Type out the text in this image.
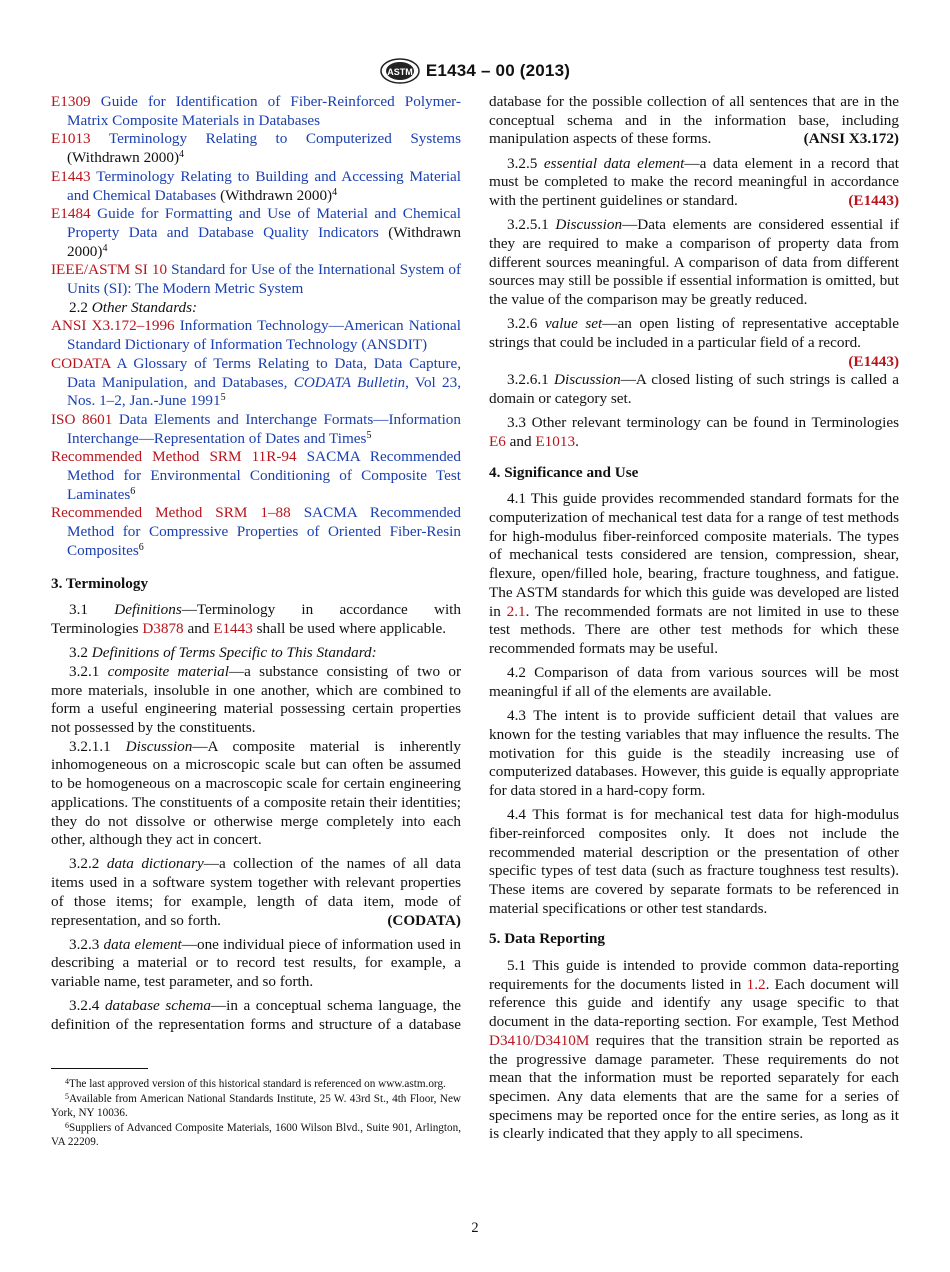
ASTM E1434 – 00 (2013)

E1309 Guide for Identification of Fiber-Reinforced Polymer-Matrix Composite Materials in Databases

E1013 Terminology Relating to Computerized Systems (Withdrawn 2000)$^4$

E1443 Terminology Relating to Building and Accessing Material and Chemical Databases (Withdrawn 2000)$^4$

E1484 Guide for Formatting and Use of Material and Chemical Property Data and Database Quality Indicators (Withdrawn 2000)$^4$

IEEE/ASTM SI 10 Standard for Use of the International System of Units (SI): The Modern Metric System

2.2 Other Standards:

ANSI X3.172–1996 Information Technology—American National Standard Dictionary of Information Technology (ANSDIT)

CODATA A Glossary of Terms Relating to Data, Data Capture, Data Manipulation, and Databases, CODATA Bulletin, Vol 23, Nos. 1–2, Jan.-June 1991$^5$

ISO 8601 Data Elements and Interchange Formats—Information Interchange—Representation of Dates and Times$^5$

Recommended Method SRM 11R-94 SACMA Recommended Method for Environmental Conditioning of Composite Test Laminates$^6$

Recommended Method SRM 1–88 SACMA Recommended Method for Compressive Properties of Oriented Fiber-Resin Composites$^6$

3. Terminology

3.1 Definitions—Terminology in accordance with Terminologies D3878 and E1443 shall be used where applicable.

3.2 Definitions of Terms Specific to This Standard:

3.2.1 composite material—a substance consisting of two or more materials, insoluble in one another, which are combined to form a useful engineering material possessing certain properties not possessed by the constituents.

3.2.1.1 Discussion—A composite material is inherently inhomogeneous on a microscopic scale but can often be assumed to be homogeneous on a macroscopic scale for certain engineering applications. The constituents of a composite retain their identities; they do not dissolve or otherwise merge completely into each other, although they act in concert.

3.2.2 data dictionary—a collection of the names of all data items used in a software system together with relevant properties of those items; for example, length of data item, mode of representation, and so forth.	(CODATA)

3.2.3 data element—one individual piece of information used in describing a material or to record test results, for example, a variable name, test parameter, and so forth.

3.2.4 database schema—in a conceptual schema language, the definition of the representation forms and structure of a database

$^4$The last approved version of this historical standard is referenced on www.astm.org.

$^5$Available from American National Standards Institute, 25 W. 43rd St., 4th Floor, New York, NY 10036.

$^6$Suppliers of Advanced Composite Materials, 1600 Wilson Blvd., Suite 901, Arlington, VA 22209.

database for the possible collection of all sentences that are in the conceptual schema and in the information base, including manipulation aspects of these forms.	(ANSI X3.172)

3.2.5 essential data element—a data element in a record that must be completed to make the record meaningful in accordance with the pertinent guidelines or standard.	(E1443)

3.2.5.1 Discussion—Data elements are considered essential if they are required to make a comparison of property data from different sources meaningful. A comparison of data from different sources may still be possible if essential information is omitted, but the value of the comparison may be greatly reduced.

3.2.6 value set—an open listing of representative acceptable strings that could be included in a particular field of a record.

(E1443)

3.2.6.1 Discussion—A closed listing of such strings is called a domain or category set.

3.3 Other relevant terminology can be found in Terminologies E6 and E1013.

4. Significance and Use

4.1 This guide provides recommended standard formats for the computerization of mechanical test data for a range of test methods for high-modulus fiber-reinforced composite materials. The types of mechanical tests considered are tension, compression, shear, flexure, open/filled hole, bearing, fracture toughness, and fatigue. The ASTM standards for which this guide was developed are listed in 2.1. The recommended formats are not limited in use to these test methods. There are other test methods for which these recommended formats may be useful.

4.2 Comparison of data from various sources will be most meaningful if all of the elements are available.

4.3 The intent is to provide sufficient detail that values are known for the testing variables that may influence the results. The motivation for this guide is the steadily increasing use of computerized databases. However, this guide is equally appropriate for data stored in a hard-copy form.

4.4 This format is for mechanical test data for high-modulus fiber-reinforced composites only. It does not include the recommended material description or the presentation of other specific types of test data (such as fracture toughness test results). These items are covered by separate formats to be referenced in material specifications or other test standards.

5. Data Reporting

5.1 This guide is intended to provide common data-reporting requirements for the documents listed in 1.2. Each document will reference this guide and identify any usage specific to that document in the data-reporting section. For example, Test Method D3410/D3410M requires that the transition strain be reported as the progressive damage parameter. These requirements do not mean that the information must be reported separately for each specimen. Any data elements that are the same for a series of specimens may be reported once for the entire series, as long as it is clearly indicated that they apply to all specimens.

2
